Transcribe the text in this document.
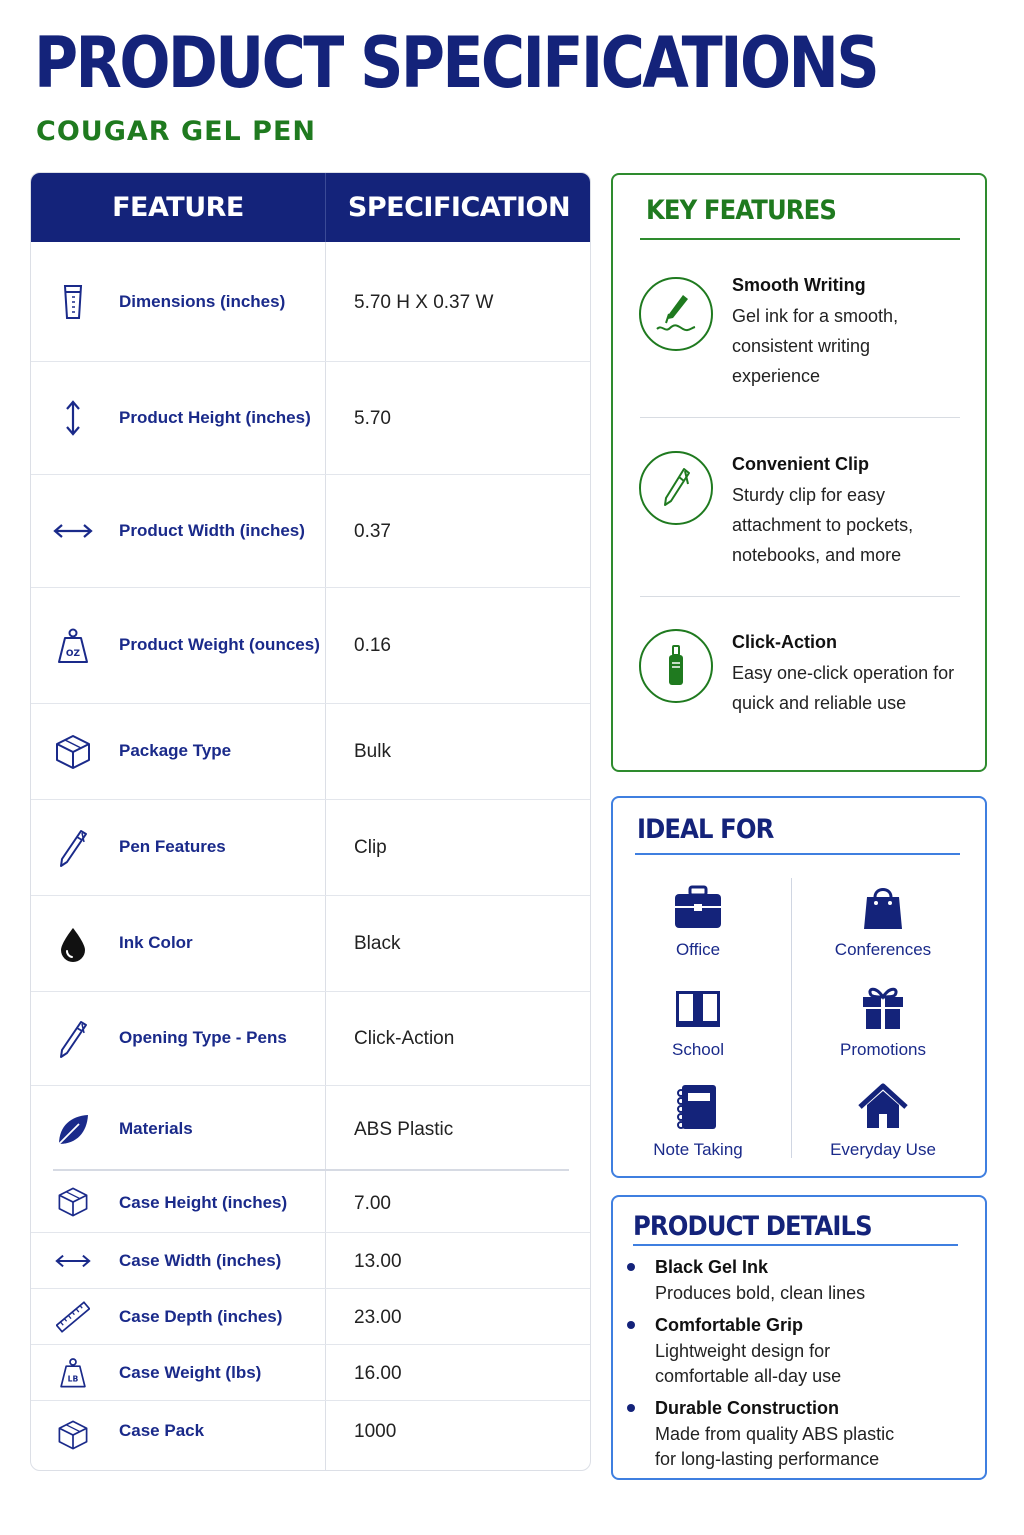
PRODUCT SPECIFICATIONS
COUGAR GEL PEN
FEATURE	SPECIFICATION
Dimensions (inches)	5.70 H X 0.37 W
Product Height (inches) 5.70
Product Width (inches)	0.37
OZ Product Weight (ounces) 0.16
Package Type	Bulk
Pen Features	Clip
Ink Color	Black
Opening Type - Pens	Click-Action
Materials	ABS Plastic
Case Height (inches)	7.00
Case Width (inches)	13.00
Case Depth (inches)	23.00
LB Case Weight (lbs)	16.00
Case Pack	1000
KEY FEATURES
Smooth Writing
Gel ink for a smooth, consistent writing experience
Convenient Clip
Sturdy clip for easy attachment to pockets, notebooks, and more
Click-Action
Easy one-click operation for quick and reliable use
IDEAL FOR
Office	Conferences
School	Promotions
Note Taking	Everyday Use
PRODUCT DETAILS
Black Gel Ink
Produces bold, clean lines
Comfortable Grip
Lightweight design for comfortable all-day use
Durable Construction
Made from quality ABS plastic for long-lasting performance
